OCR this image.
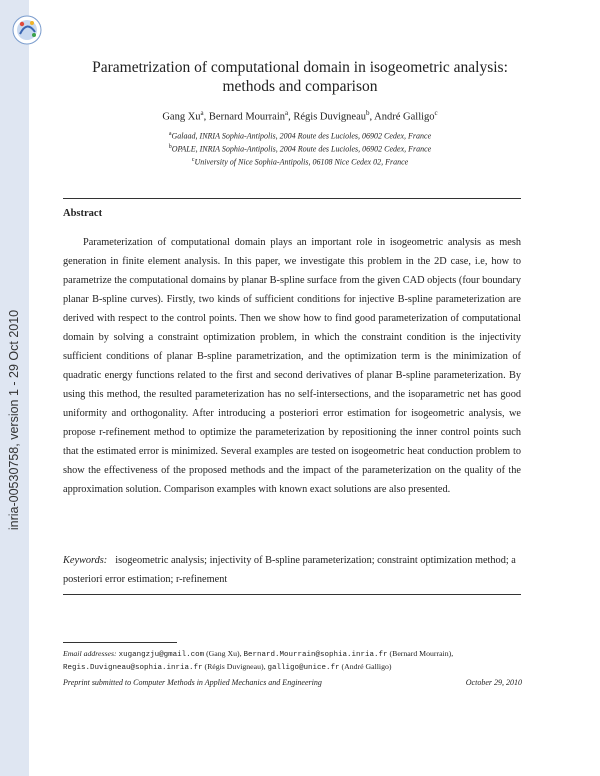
inria-00530758, version 1 - 29 Oct 2010
Parametrization of computational domain in isogeometric analysis:
methods and comparison
Gang Xu$^a$, Bernard Mourrain$^a$, Régis Duvigneau$^b$, André Galligo$^c$
$^a$Galaad, INRIA Sophia-Antipolis, 2004 Route des Lucioles, 06902 Cedex, France
$^b$OPALE, INRIA Sophia-Antipolis, 2004 Route des Lucioles, 06902 Cedex, France
$^c$University of Nice Sophia-Antipolis, 06108 Nice Cedex 02, France
Abstract

Parameterization of computational domain plays an important role in isogeometric analysis as mesh generation in finite element analysis. In this paper, we investigate this problem in the 2D case, i.e, how to parametrize the computational domains by planar B-spline surface from the given CAD objects (four boundary planar B-spline curves). Firstly, two kinds of sufficient conditions for injective B-spline parameterization are derived with respect to the control points. Then we show how to find good parameterization of computational domain by solving a constraint optimization problem, in which the constraint condition is the injectivity sufficient conditions of planar B-spline parametrization, and the optimization term is the minimization of quadratic energy functions related to the first and second derivatives of planar B-spline parameterization. By using this method, the resulted parameterization has no self-intersections, and the isoparametric net has good uniformity and orthogonality. After introducing a posteriori error estimation for isogeometric analysis, we propose r-refinement method to optimize the parameterization by repositioning the inner control points such that the estimated error is minimized. Several examples are tested on isogeometric heat conduction problem to show the effectiveness of the proposed methods and the impact of the parameterization on the quality of the approximation solution. Comparison examples with known exact solutions are also presented.

Keywords: isogeometric analysis; injectivity of B-spline parameterization; constraint optimization method; a posteriori error estimation; r-refinement

Email addresses: xugangzju@gmail.com (Gang Xu), Bernard.Mourrain@sophia.inria.fr (Bernard Mourrain), Regis.Duvigneau@sophia.inria.fr (Régis Duvigneau), galligo@unice.fr (André Galligo)

Preprint submitted to Computer Methods in Applied Mechanics and Engineering	October 29, 2010
